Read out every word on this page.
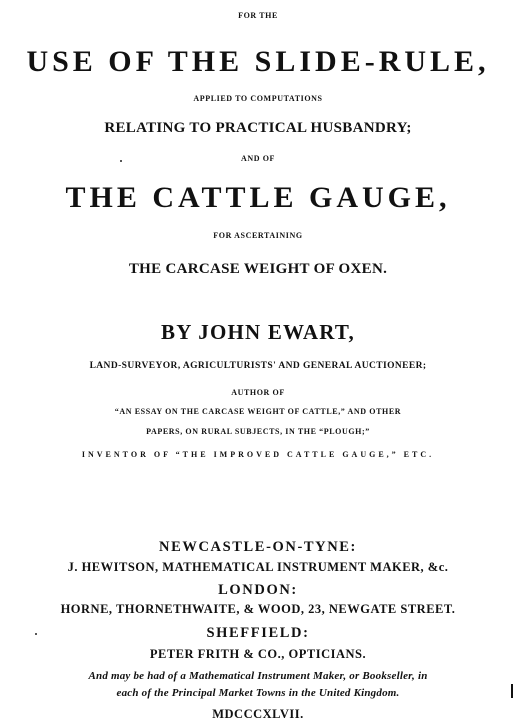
FOR THE
USE OF THE SLIDE-RULE,
APPLIED TO COMPUTATIONS
RELATING TO PRACTICAL HUSBANDRY;
AND OF
THE CATTLE GAUGE,
FOR ASCERTAINING
THE CARCASE WEIGHT OF OXEN.
BY JOHN EWART,
LAND-SURVEYOR, AGRICULTURISTS' AND GENERAL AUCTIONEER;
AUTHOR OF
“AN ESSAY ON THE CARCASE WEIGHT OF CATTLE,” AND OTHER
PAPERS, ON RURAL SUBJECTS, IN THE “PLOUGH;”
INVENTOR OF “THE IMPROVED CATTLE GAUGE,” ETC.
NEWCASTLE-ON-TYNE:
J. HEWITSON, MATHEMATICAL INSTRUMENT MAKER, &c.
LONDON:
HORNE, THORNETHWAITE, & WOOD, 23, NEWGATE STREET.
SHEFFIELD:
PETER FRITH & CO., OPTICIANS.
And may be had of a Mathematical Instrument Maker, or Bookseller, in
each of the Principal Market Towns in the United Kingdom.
MDCCCXLVII.
